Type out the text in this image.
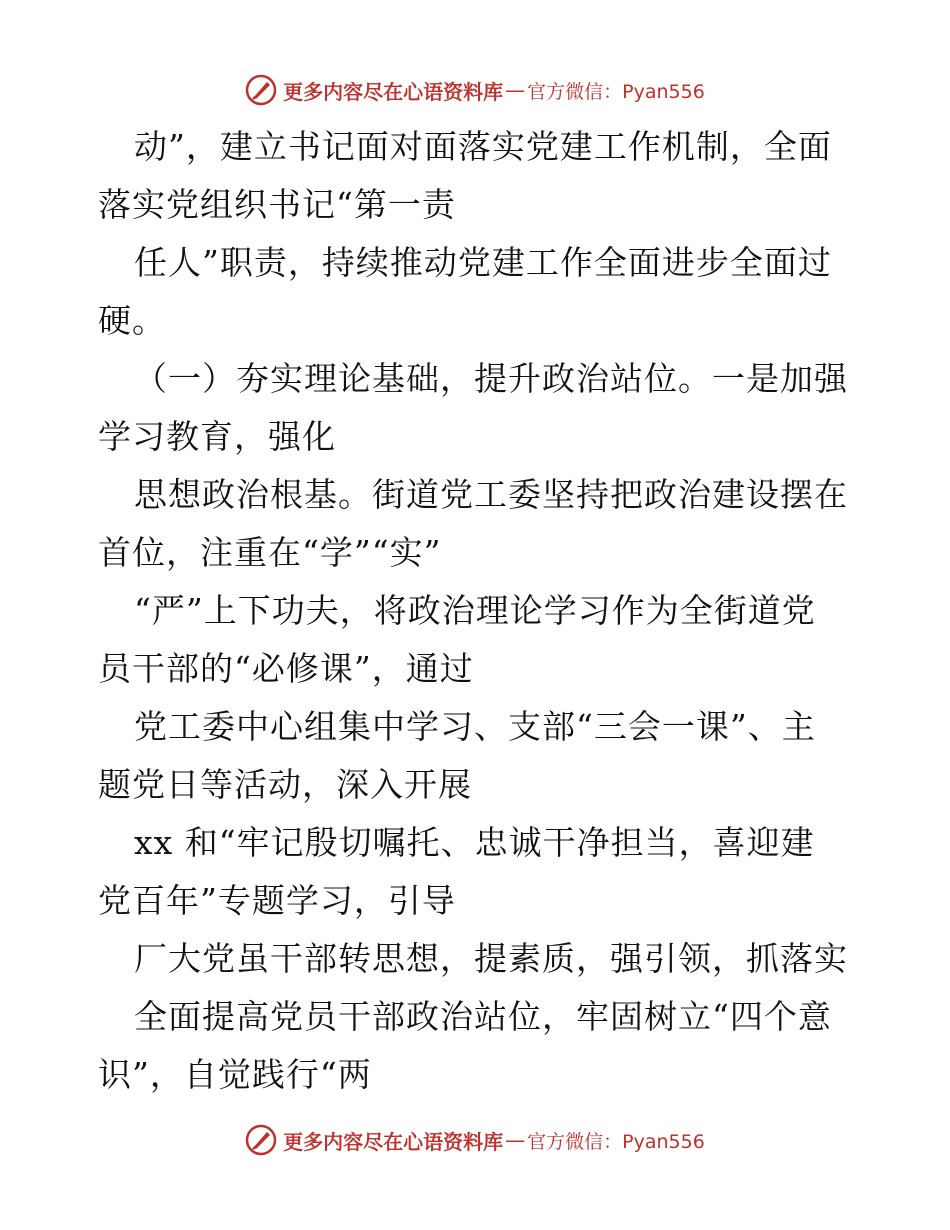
更多内容尽在心语资料库 — 官方微信：Pyan556
动”，建立书记面对面落实党建工作机制，全面
落实党组织书记“第一责
任人”职责，持续推动党建工作全面进步全面过
硬。
（一）夯实理论基础，提升政治站位。一是加强
学习教育，强化
思想政治根基。街道党工委坚持把政治建设摆在
首位，注重在“学”“实”
“严”上下功夫，将政治理论学习作为全街道党
员干部的“必修课”，通过
党工委中心组集中学习、支部“三会一课”、主
题党日等活动，深入开展
xx 和“牢记殷切嘱托、忠诚干净担当，喜迎建
党百年”专题学习，引导
厂大党虽干部转思想，提素质，强引领，抓落实
全面提高党员干部政治站位，牢固树立“四个意
识”，自觉践行“两
更多内容尽在心语资料库 — 官方微信：Pyan556
